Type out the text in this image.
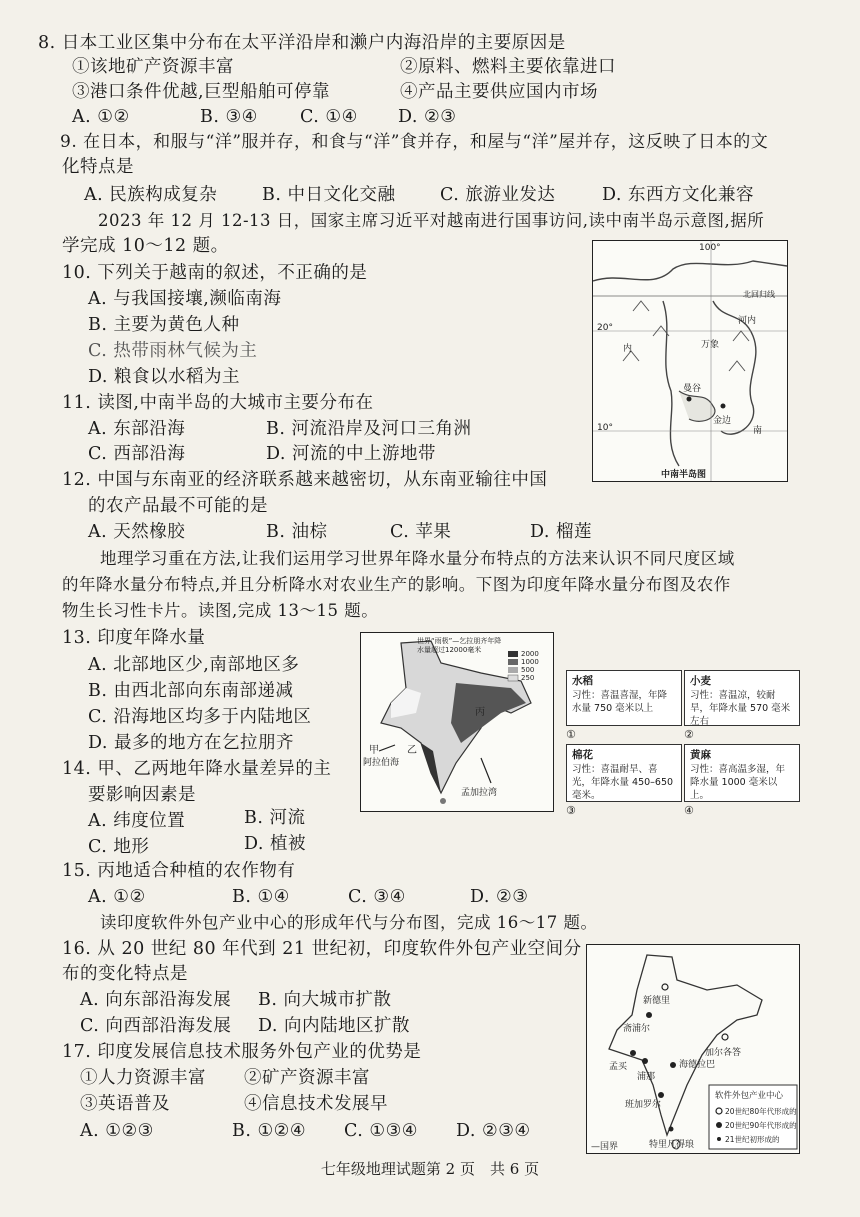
8. 日本工业区集中分布在太平洋沿岸和濑户内海沿岸的主要原因是
①该地矿产资源丰富	②原料、燃料主要依靠进口
③港口条件优越,巨型船舶可停靠	④产品主要供应国内市场
A. ①②	B. ③④ C. ①④ D. ②③
9. 在日本，和服与“洋”服并存，和食与“洋”食并存，和屋与“洋”屋并存，这反映了日本的文
化特点是
A. 民族构成复杂	B. 中日文化交融	C. 旅游业发达	D. 东西方文化兼容
2023 年 12 月 12-13 日，国家主席习近平对越南进行国事访问,读中南半岛示意图,据所
学完成 10～12 题。
10. 下列关于越南的叙述，不正确的是
A. 与我国接壤,濒临南海
B. 主要为黄色人种
C. 热带雨林气候为主
D. 粮食以水稻为主
11. 读图,中南半岛的大城市主要分布在
A. 东部沿海	B. 河流沿岸及河口三角洲
C. 西部沿海	D. 河流的中上游地带
12. 中国与东南亚的经济联系越来越密切，从东南亚输往中国
的农产品最不可能的是
A. 天然橡胶	B. 油棕	C. 苹果	D. 榴莲
地理学习重在方法,让我们运用学习世界年降水量分布特点的方法来认识不同尺度区域
的年降水量分布特点,并且分析降水对农业生产的影响。下图为印度年降水量分布图及农作
物生长习性卡片。读图,完成 13～15 题。
13. 印度年降水量
A. 北部地区少,南部地区多
B. 由西北部向东南部递减
C. 沿海地区均多于内陆地区
D. 最多的地方在乞拉朋齐
14. 甲、乙两地年降水量差异的主
要影响因素是
A. 纬度位置	B. 河流
C. 地形	D. 植被
15. 丙地适合种植的农作物有
A. ①②	B. ①④	C. ③④	D. ②③
读印度软件外包产业中心的形成年代与分布图，完成 16～17 题。
16. 从 20 世纪 80 年代到 21 世纪初，印度软件外包产业空间分
布的变化特点是
A. 向东部沿海发展 B. 向大城市扩散
C. 向西部沿海发展 D. 向内陆地区扩散
17. 印度发展信息技术服务外包产业的优势是
①人力资源丰富 ②矿产资源丰富
③英语普及	④信息技术发展早
A. ①②③	B. ①②④ C. ①③④ D. ②③④
100°
北回归线
20°
内
河内
万象
曼谷
金边
南
10°
中南半岛图
世界“雨极”—乞拉朋齐年降水量超过12000毫米	2000
1000
500
250
甲	乙
阿拉伯海
孟加拉湾
丙
水稻
习性：喜温喜湿，年降水量 750 毫米以上
①
小麦
习性：喜温凉，较耐旱，年降水量 570 毫米左右
②
棉花
习性：喜温耐旱、喜光，年降水量 450–650 毫米。
③
黄麻
习性：喜高温多湿，年降水量 1000 毫米以上。
④
新德里
斋浦尔
加尔各答
浦那
海德拉巴
孟买
班加罗尔
特里凡得琅
软件外包产业中心
20世纪80年代形成的
20世纪90年代形成的
21世纪初形成的
—国界
七年级地理试题第 2 页　共 6 页
